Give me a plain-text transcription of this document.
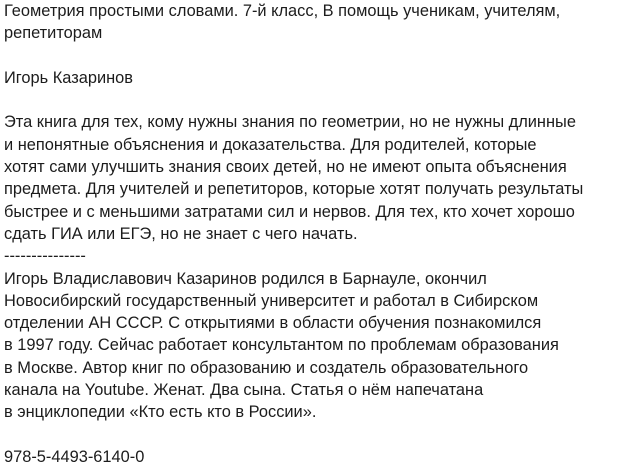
Геометрия простыми словами. 7-й класс, В помощь ученикам, учителям,
репетиторам
Игорь Казаринов
Эта книга для тех, кому нужны знания по геометрии, но не нужны длинные
и непонятные объяснения и доказательства. Для родителей, которые
хотят сами улучшить знания своих детей, но не имеют опыта объяснения
предмета. Для учителей и репетиторов, которые хотят получать результаты
быстрее и с меньшими затратами сил и нервов. Для тех, кто хочет хорошо
сдать ГИА или ЕГЭ, но не знает с чего начать.
---------------
Игорь Владиславович Казаринов родился в Барнауле, окончил
Новосибирский государственный университет и работал в Сибирском
отделении АН СССР. С открытиями в области обучения познакомился
в 1997 году. Сейчас работает консультантом по проблемам образования
в Москве. Автор книг по образованию и создатель образовательного
канала на Youtube. Женат. Два сына. Статья о нём напечатана
в энциклопедии «Кто есть кто в России».
978-5-4493-6140-0
